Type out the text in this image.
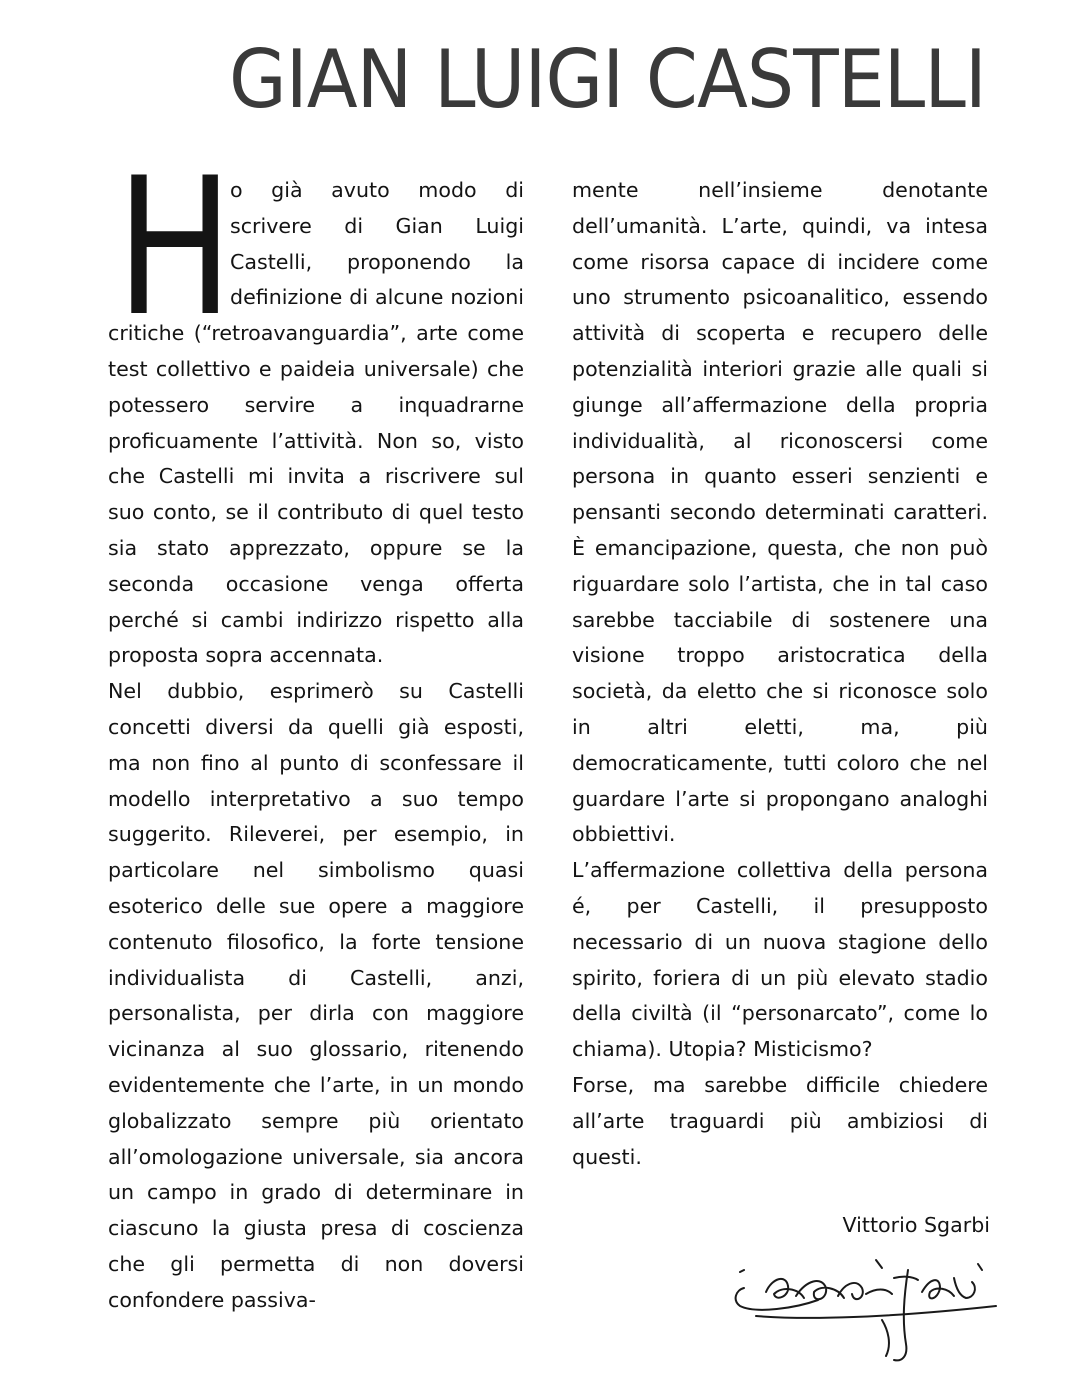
GIAN LUIGI CASTELLI

H
o già avuto modo di scrivere di Gian Luigi Castelli, proponendo la definizione di alcune nozioni critiche (“retroavanguardia”, arte come test collettivo e paideia universale) che potessero servire a inquadrarne proficuamente l’attività. Non so, visto che Castelli mi invita a riscrivere sul suo conto, se il contributo di quel testo sia stato apprezzato, oppure se la seconda occasione venga offerta perché si cambi indirizzo rispetto alla proposta sopra accennata.

Nel dubbio, esprimerò su Castelli concetti diversi da quelli già esposti, ma non fino al punto di sconfessare il modello interpretativo a suo tempo suggerito. Rileverei, per esempio, in particolare nel simbolismo quasi esoterico delle sue opere a maggiore contenuto filosofico, la forte tensione individualista di Castelli, anzi, personalista, per dirla con maggiore vicinanza al suo glossario, ritenendo evidentemente che l’arte, in un mondo globalizzato sempre più orientato all’omologazione universale, sia ancora un campo in grado di determinare in ciascuno la giusta presa di coscienza che gli permetta di non doversi confondere passiva-

mente nell’insieme denotante dell’umanità. L’arte, quindi, va intesa come risorsa capace di incidere come uno strumento psicoanalitico, essendo attività di scoperta e recupero delle potenzialità interiori grazie alle quali si giunge all’affermazione della propria individualità, al riconoscersi come persona in quanto esseri senzienti e pensanti secondo determinati caratteri. È emancipazione, questa, che non può riguardare solo l’artista, che in tal caso sarebbe tacciabile di sostenere una visione troppo aristocratica della società, da eletto che si riconosce solo in altri eletti, ma, più democraticamente, tutti coloro che nel guardare l’arte si propongano analoghi obbiettivi.

L’affermazione collettiva della persona é, per Castelli, il presupposto necessario di un nuova stagione dello spirito, foriera di un più elevato stadio della civiltà (il “personarcato”, come lo chiama). Utopia? Misticismo?

Forse, ma sarebbe difficile chiedere all’arte traguardi più ambiziosi di questi.

Vittorio Sgarbi
